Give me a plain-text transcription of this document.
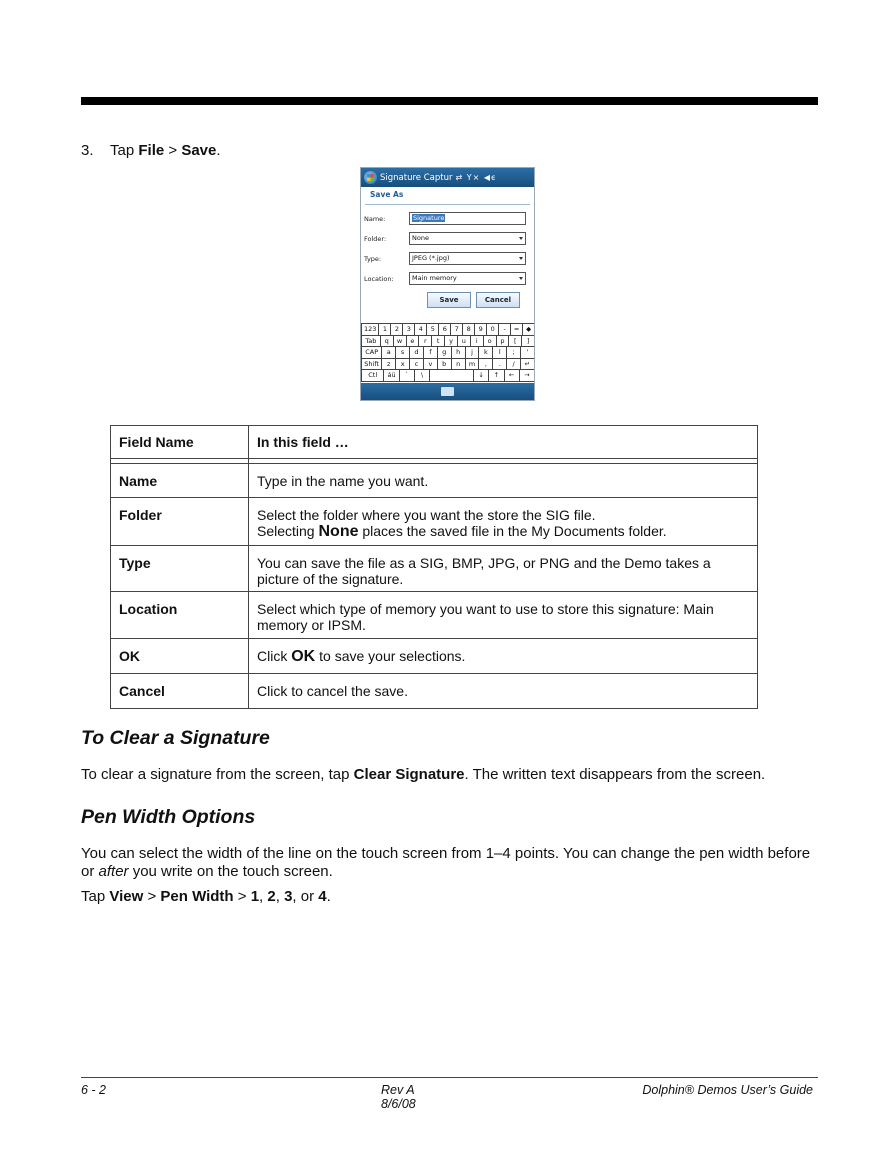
3. Tap File > Save.
Signature Captur ⇄ Y× ◀ϵ
Save As
Name:	Signature
Folder:	None
Type:	JPEG (*.jpg)
Location:	Main memory
Save	Cancel
123 1	2	3	4	5	6	7	8	9	0	-	=	◆
Tab	q	w	e	r	t	y	u	i	o	p	[	]
CAP	a	s	d	f	g	h	j	k	l	;	'
Shift	z	x	c	v	b	n	m	,	.	/	↵
Ctl	áü	`	\	↓	↑	←	→
Field Name	In this field …

Name	Type in the name you want.

Folder	Select the folder where you want the store the SIG file.
Selecting None places the saved file in the My Documents folder.

Type	You can save the file as a SIG, BMP, JPG, or PNG and the Demo takes a
picture of the signature.

Location	Select which type of memory you want to use to store this signature: Main
memory or IPSM.

OK	Click OK to save your selections.

Cancel	Click to cancel the save.
To Clear a Signature

To clear a signature from the screen, tap Clear Signature. The written text disappears from the screen.

Pen Width Options

You can select the width of the line on the touch screen from 1–4 points. You can change the pen width before or after you write on the touch screen.

Tap View > Pen Width > 1, 2, 3, or 4.

6 - 2	Rev A
8/6/08
Dolphin® Demos User’s Guide
